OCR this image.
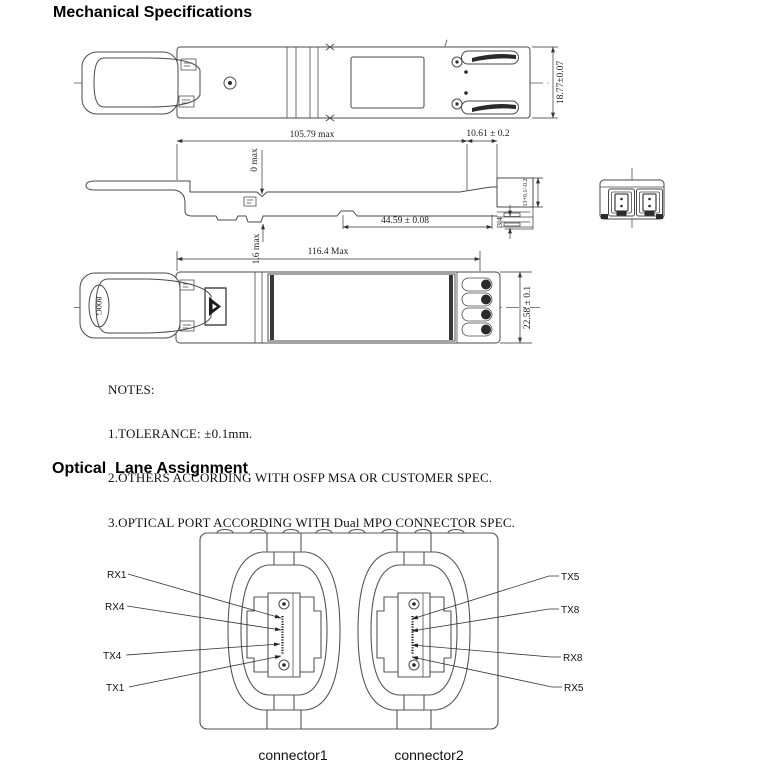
Mechanical Specifications
18.77±0.07
105.79 max	10.61 ± 0.2
0 max
1.6 max
44.59 ± 0.08
13+0.1/-0.2
3.4
116.4 Max
800G	22.58 ± 0.1

NOTES:

1.TOLERANCE: ±0.1mm.

2.OTHERS ACCORDING WITH OSFP MSA OR CUSTOMER SPEC.

3.OPTICAL PORT ACCORDING WITH Dual MPO CONNECTOR SPEC.

Optical  Lane Assignment
RX1
RX4
TX4
TX1
TX5
TX8
RX8
RX5
connector1	connector2
